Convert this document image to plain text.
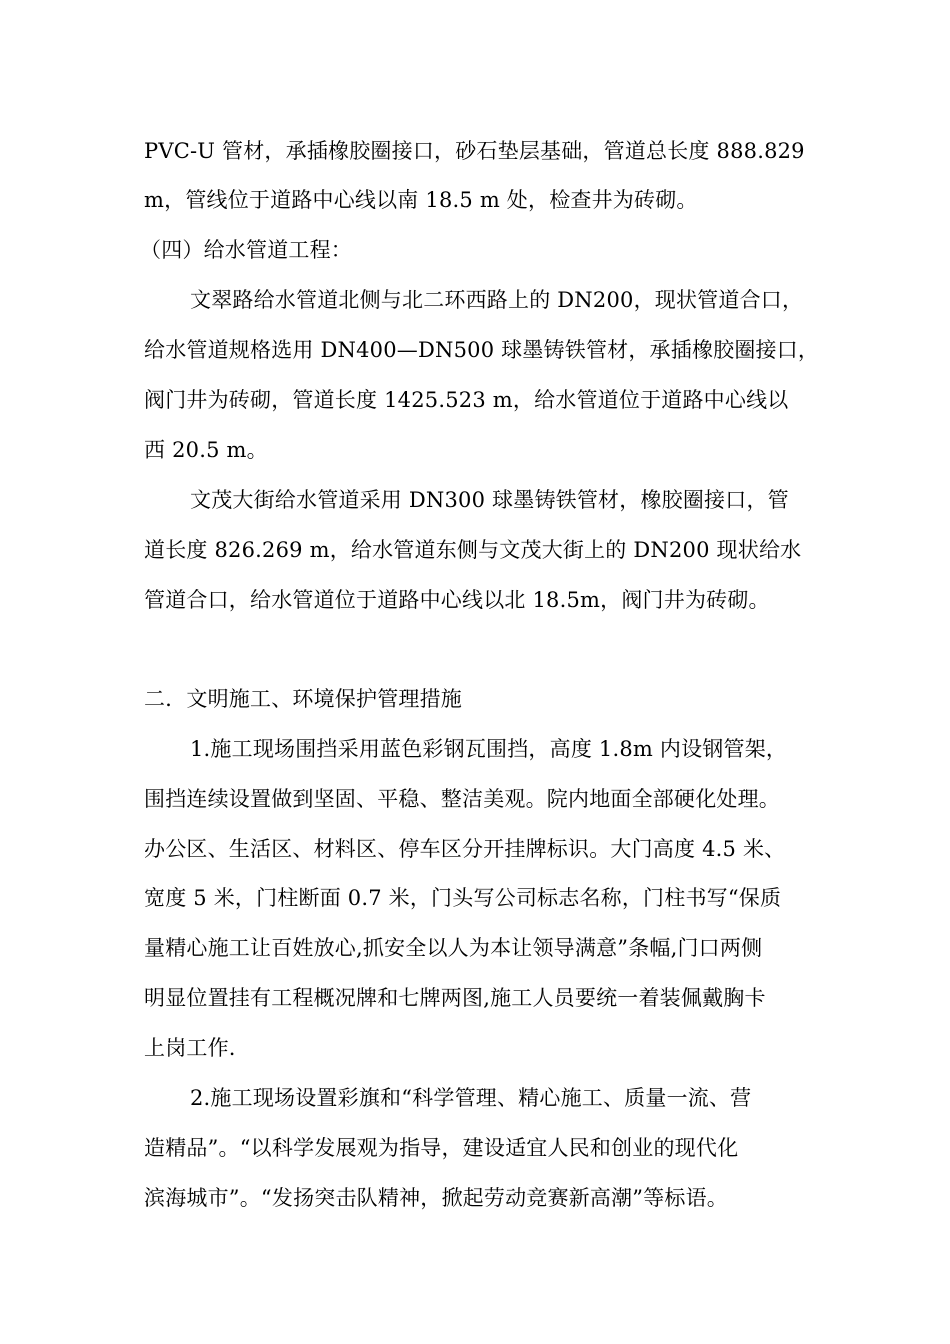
PVC-U 管材，承插橡胶圈接口，砂石垫层基础，管道总长度 888.829
m，管线位于道路中心线以南 18.5 m 处，检查井为砖砌。
（四）给水管道工程：
文翠路给水管道北侧与北二环西路上的 DN200，现状管道合口，
给水管道规格选用 DN400—DN500 球墨铸铁管材，承插橡胶圈接口，
阀门井为砖砌，管道长度 1425.523 m，给水管道位于道路中心线以
西 20.5 m。
文茂大街给水管道采用 DN300 球墨铸铁管材，橡胶圈接口，管
道长度 826.269 m，给水管道东侧与文茂大街上的 DN200 现状给水
管道合口，给水管道位于道路中心线以北 18.5m，阀门井为砖砌。
二．文明施工、环境保护管理措施
1.施工现场围挡采用蓝色彩钢瓦围挡，高度 1.8m 内设钢管架，
围挡连续设置做到坚固、平稳、整洁美观。院内地面全部硬化处理。
办公区、生活区、材料区、停车区分开挂牌标识。大门高度 4.5 米、
宽度 5 米，门柱断面 0.7 米，门头写公司标志名称，门柱书写“保质
量精心施工让百姓放心,抓安全以人为本让领导满意”条幅,门口两侧
明显位置挂有工程概况牌和七牌两图,施工人员要统一着装佩戴胸卡
上岗工作.
2.施工现场设置彩旗和“科学管理、精心施工、质量一流、营
造精品”。“以科学发展观为指导，建设适宜人民和创业的现代化
滨海城市”。“发扬突击队精神，掀起劳动竞赛新高潮”等标语。
